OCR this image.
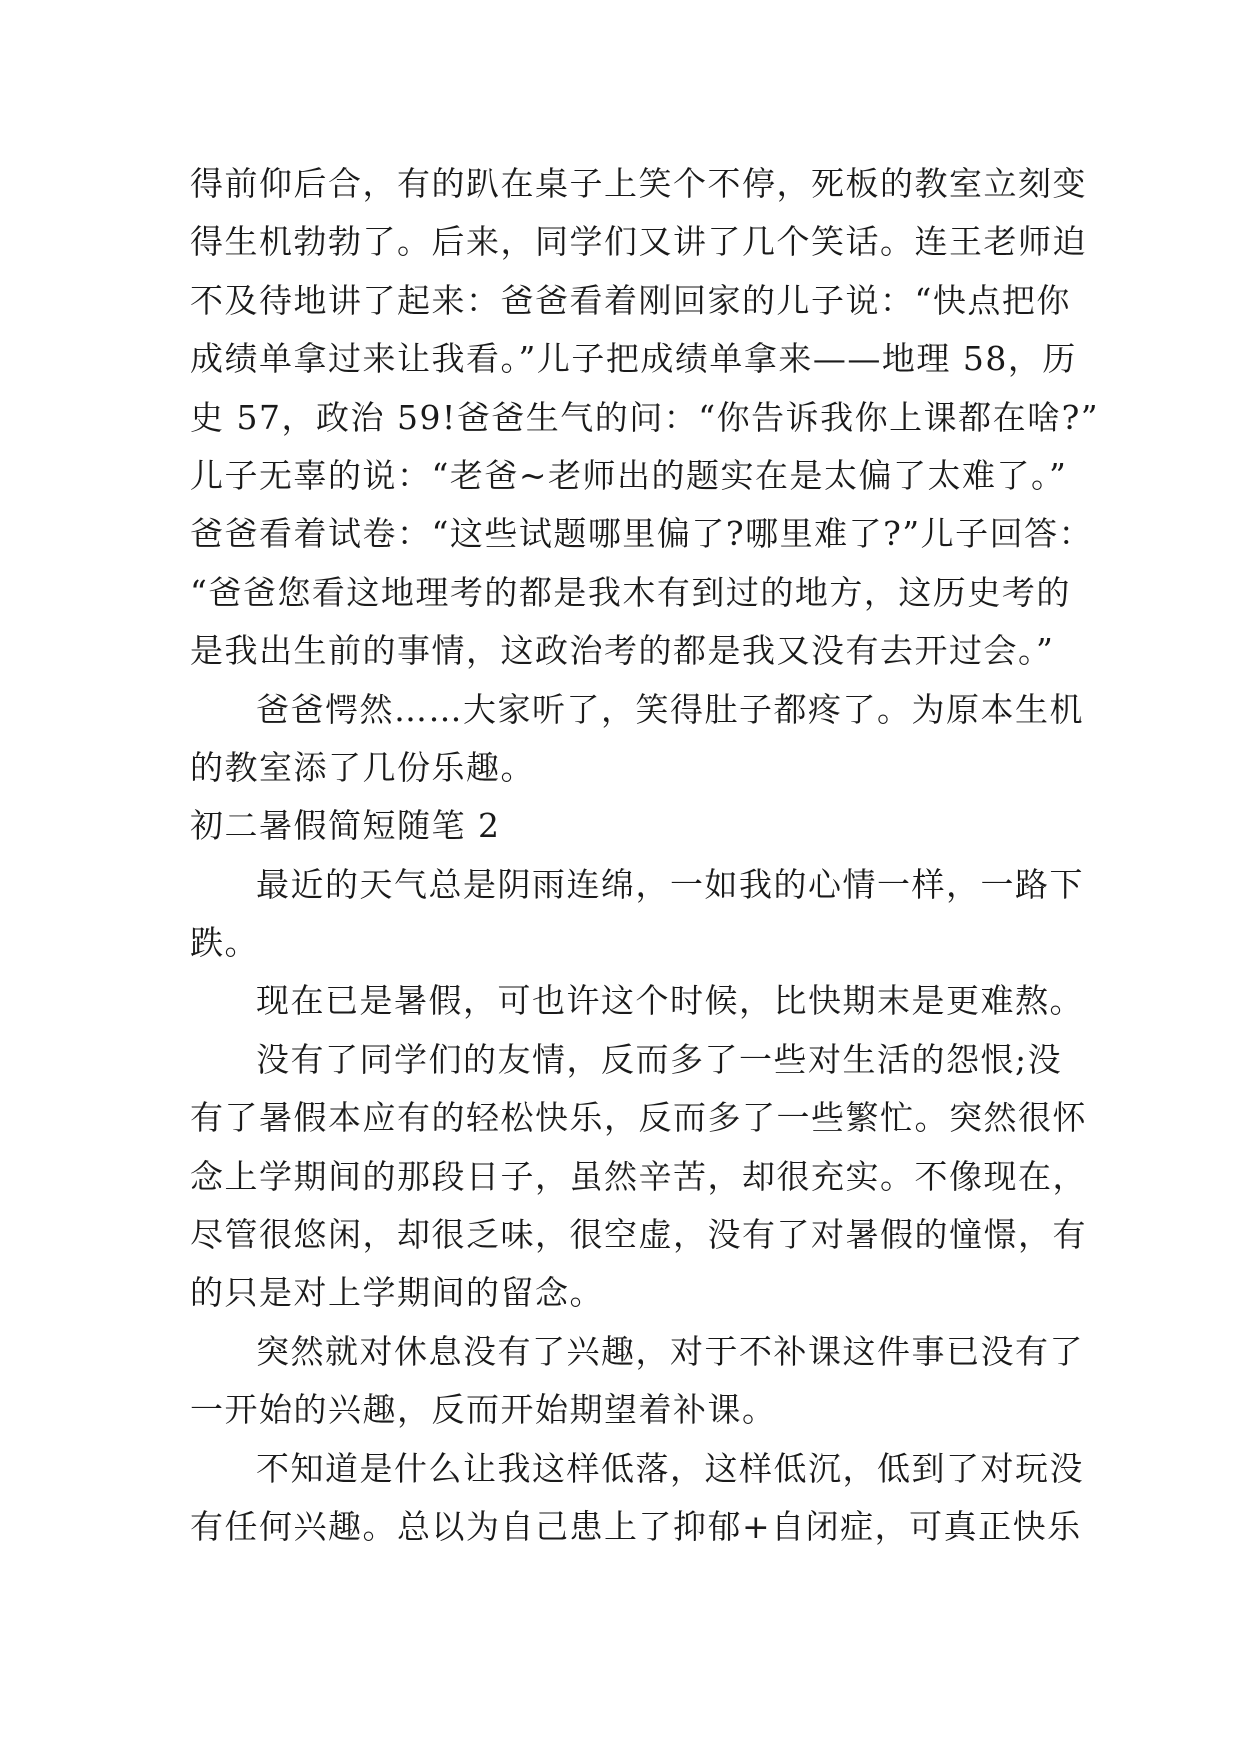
得前仰后合，有的趴在桌子上笑个不停，死板的教室立刻变
得生机勃勃了。后来，同学们又讲了几个笑话。连王老师迫
不及待地讲了起来：爸爸看着刚回家的儿子说：“快点把你
成绩单拿过来让我看。”儿子把成绩单拿来——地理 58，历
史 57，政治 59!爸爸生气的问：“你告诉我你上课都在啥?”
儿子无辜的说：“老爸~老师出的题实在是太偏了太难了。”
爸爸看着试卷：“这些试题哪里偏了?哪里难了?”儿子回答：
“爸爸您看这地理考的都是我木有到过的地方，这历史考的
是我出生前的事情，这政治考的都是我又没有去开过会。”
爸爸愕然……大家听了，笑得肚子都疼了。为原本生机
的教室添了几份乐趣。
初二暑假简短随笔 2
最近的天气总是阴雨连绵，一如我的心情一样，一路下
跌。
现在已是暑假，可也许这个时候，比快期末是更难熬。
没有了同学们的友情，反而多了一些对生活的怨恨;没
有了暑假本应有的轻松快乐，反而多了一些繁忙。突然很怀
念上学期间的那段日子，虽然辛苦，却很充实。不像现在，
尽管很悠闲，却很乏味，很空虚，没有了对暑假的憧憬，有
的只是对上学期间的留念。
突然就对休息没有了兴趣，对于不补课这件事已没有了
一开始的兴趣，反而开始期望着补课。
不知道是什么让我这样低落，这样低沉，低到了对玩没
有任何兴趣。总以为自己患上了抑郁+自闭症，可真正快乐
